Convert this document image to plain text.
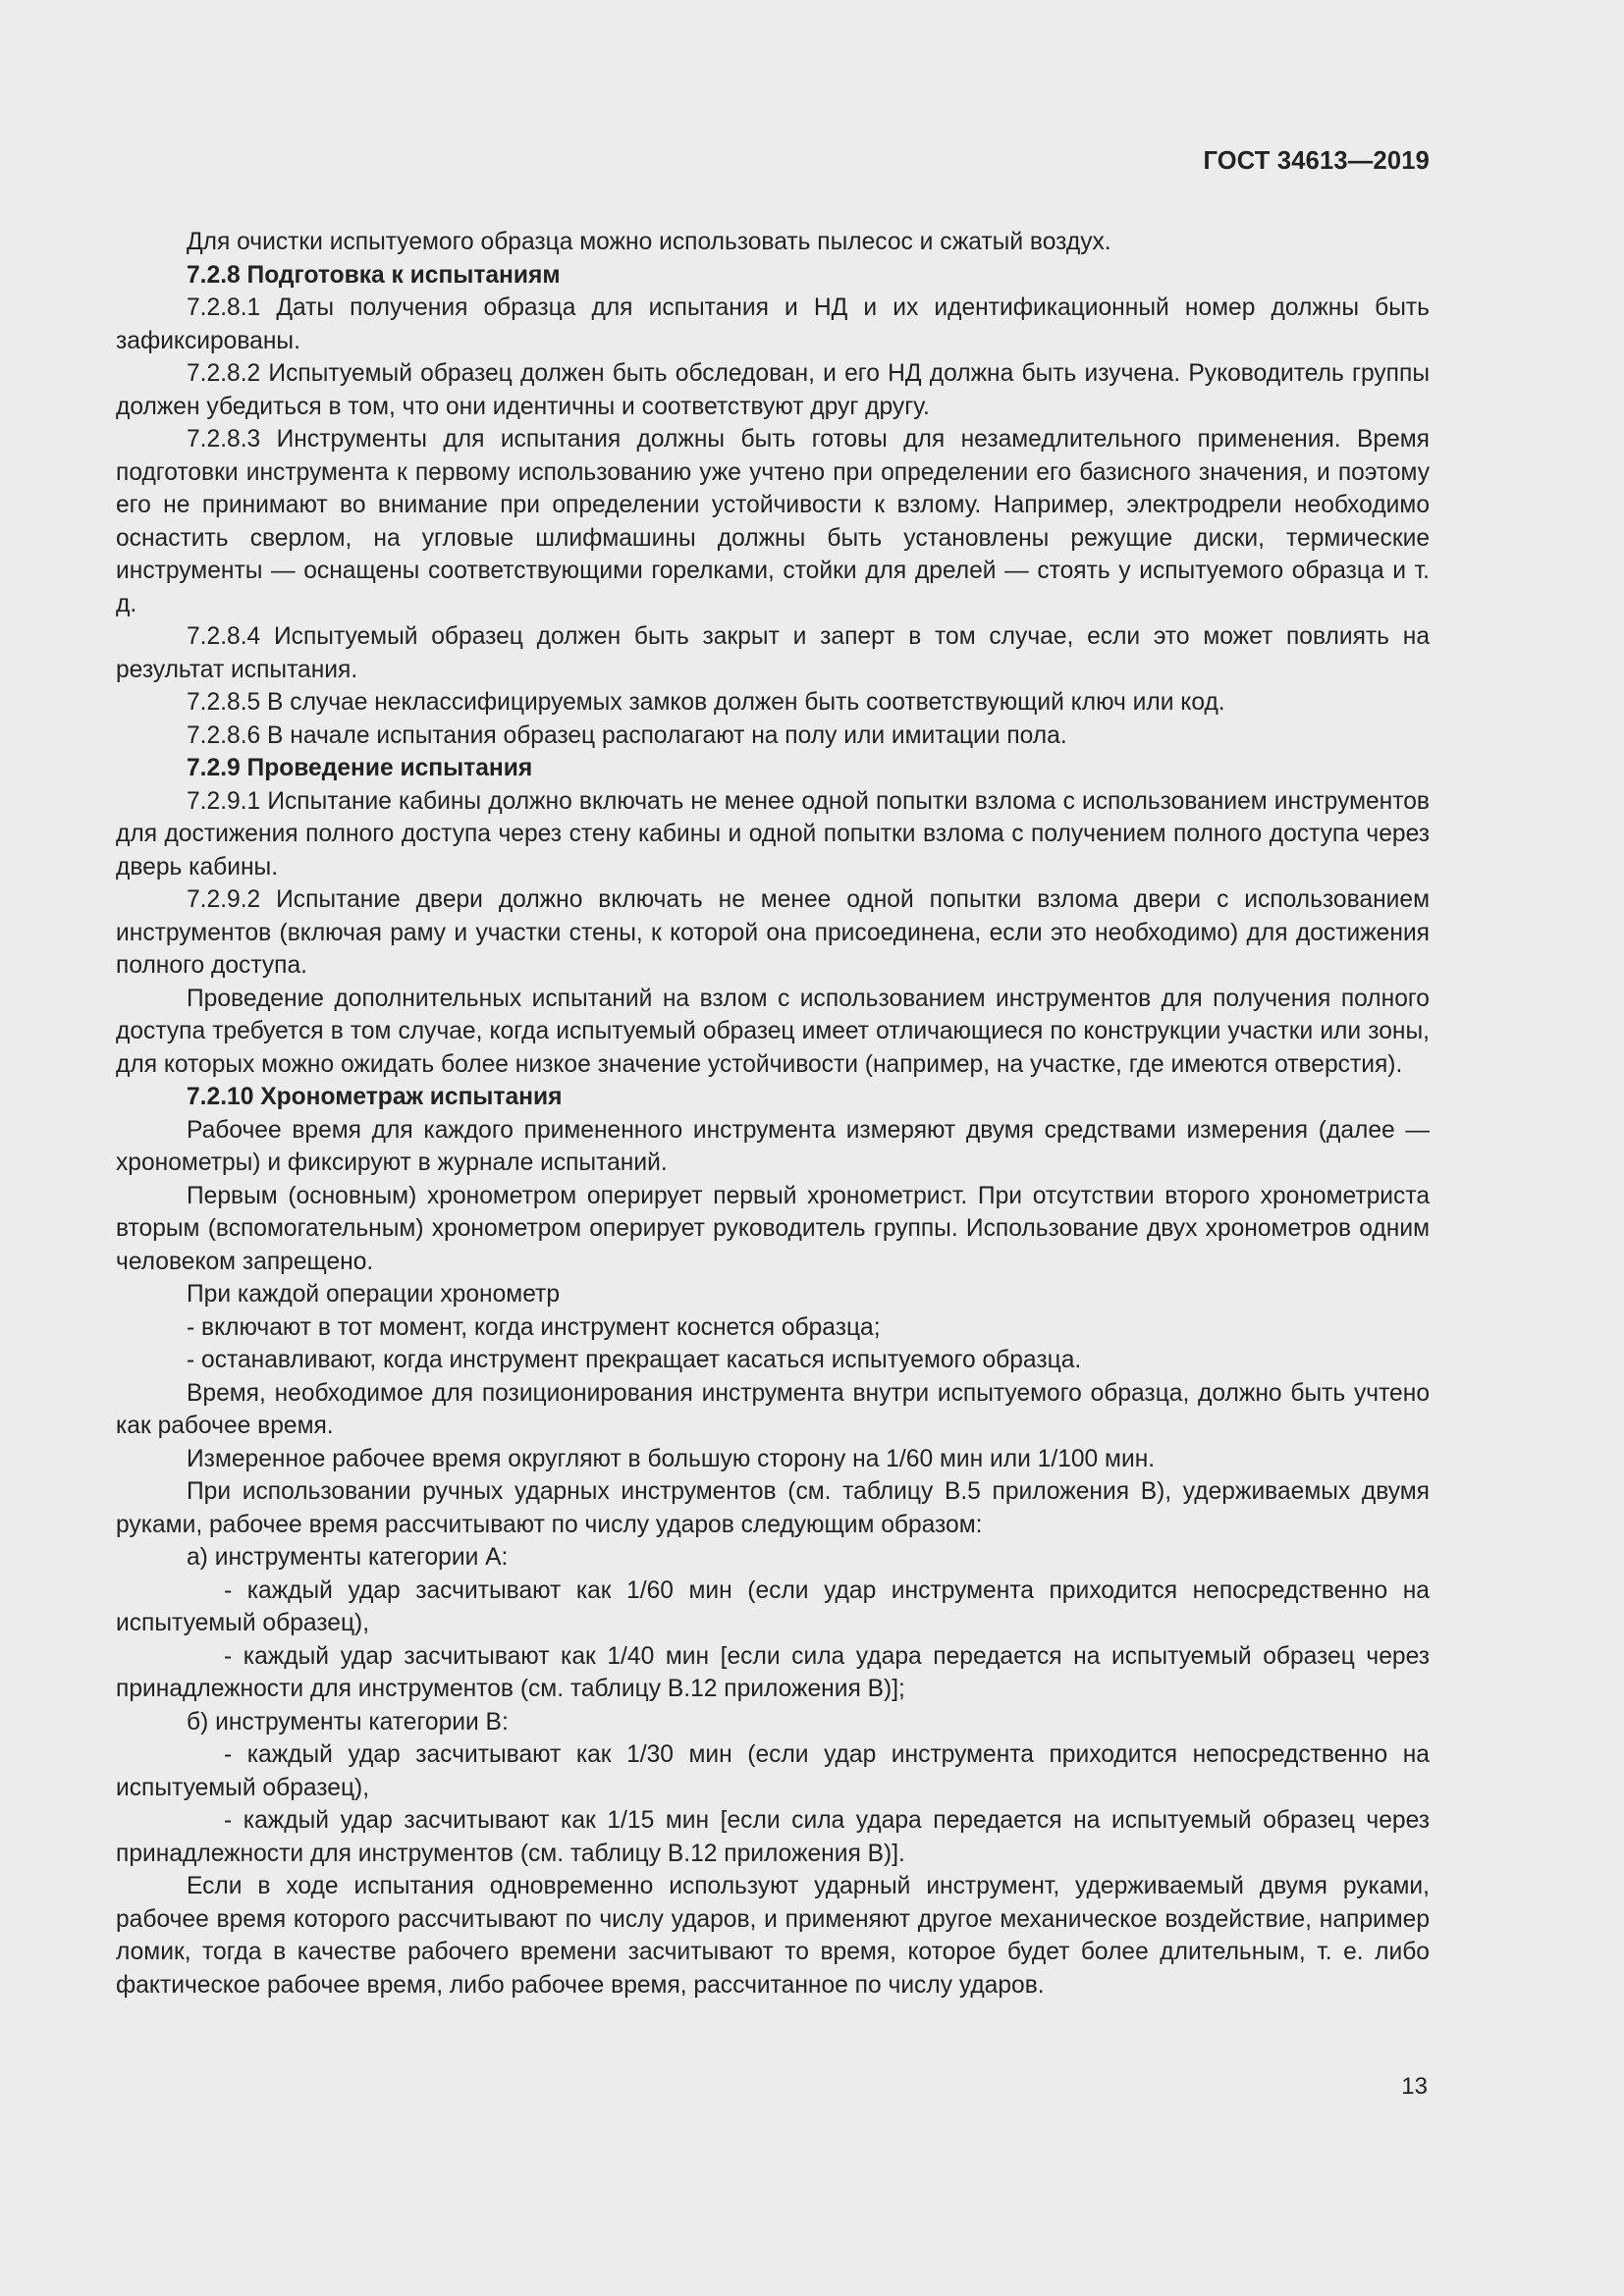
ГОСТ 34613—2019

Для очистки испытуемого образца можно использовать пылесос и сжатый воздух.

7.2.8 Подготовка к испытаниям

7.2.8.1 Даты получения образца для испытания и НД и их идентификационный номер должны быть зафиксированы.

7.2.8.2 Испытуемый образец должен быть обследован, и его НД должна быть изучена. Руководитель группы должен убедиться в том, что они идентичны и соответствуют друг другу.

7.2.8.3 Инструменты для испытания должны быть готовы для незамедлительного применения. Время подготовки инструмента к первому использованию уже учтено при определении его базисного значения, и поэтому его не принимают во внимание при определении устойчивости к взлому. Например, электродрели необходимо оснастить сверлом, на угловые шлифмашины должны быть установлены режущие диски, термические инструменты — оснащены соответствующими горелками, стойки для дрелей — стоять у испытуемого образца и т. д.

7.2.8.4 Испытуемый образец должен быть закрыт и заперт в том случае, если это может повлиять на результат испытания.

7.2.8.5 В случае неклассифицируемых замков должен быть соответствующий ключ или код.

7.2.8.6 В начале испытания образец располагают на полу или имитации пола.

7.2.9 Проведение испытания

7.2.9.1 Испытание кабины должно включать не менее одной попытки взлома с использованием инструментов для достижения полного доступа через стену кабины и одной попытки взлома с получением полного доступа через дверь кабины.

7.2.9.2 Испытание двери должно включать не менее одной попытки взлома двери с использованием инструментов (включая раму и участки стены, к которой она присоединена, если это необходимо) для достижения полного доступа.

Проведение дополнительных испытаний на взлом с использованием инструментов для получения полного доступа требуется в том случае, когда испытуемый образец имеет отличающиеся по конструкции участки или зоны, для которых можно ожидать более низкое значение устойчивости (например, на участке, где имеются отверстия).

7.2.10 Хронометраж испытания

Рабочее время для каждого примененного инструмента измеряют двумя средствами измерения (далее — хронометры) и фиксируют в журнале испытаний.

Первым (основным) хронометром оперирует первый хронометрист. При отсутствии второго хронометриста вторым (вспомогательным) хронометром оперирует руководитель группы. Использование двух хронометров одним человеком запрещено.

При каждой операции хронометр

- включают в тот момент, когда инструмент коснется образца;

- останавливают, когда инструмент прекращает касаться испытуемого образца.

Время, необходимое для позиционирования инструмента внутри испытуемого образца, должно быть учтено как рабочее время.

Измеренное рабочее время округляют в большую сторону на 1/60 мин или 1/100 мин.

При использовании ручных ударных инструментов (см. таблицу В.5 приложения В), удерживаемых двумя руками, рабочее время рассчитывают по числу ударов следующим образом:

а) инструменты категории А:

- каждый удар засчитывают как 1/60 мин (если удар инструмента приходится непосредственно на испытуемый образец),

- каждый удар засчитывают как 1/40 мин [если сила удара передается на испытуемый образец через принадлежности для инструментов (см. таблицу В.12 приложения В)];

б) инструменты категории В:

- каждый удар засчитывают как 1/30 мин (если удар инструмента приходится непосредственно на испытуемый образец),

- каждый удар засчитывают как 1/15 мин [если сила удара передается на испытуемый образец через принадлежности для инструментов (см. таблицу В.12 приложения В)].

Если в ходе испытания одновременно используют ударный инструмент, удерживаемый двумя руками, рабочее время которого рассчитывают по числу ударов, и применяют другое механическое воздействие, например ломик, тогда в качестве рабочего времени засчитывают то время, которое будет более длительным, т. е. либо фактическое рабочее время, либо рабочее время, рассчитанное по числу ударов.

13
